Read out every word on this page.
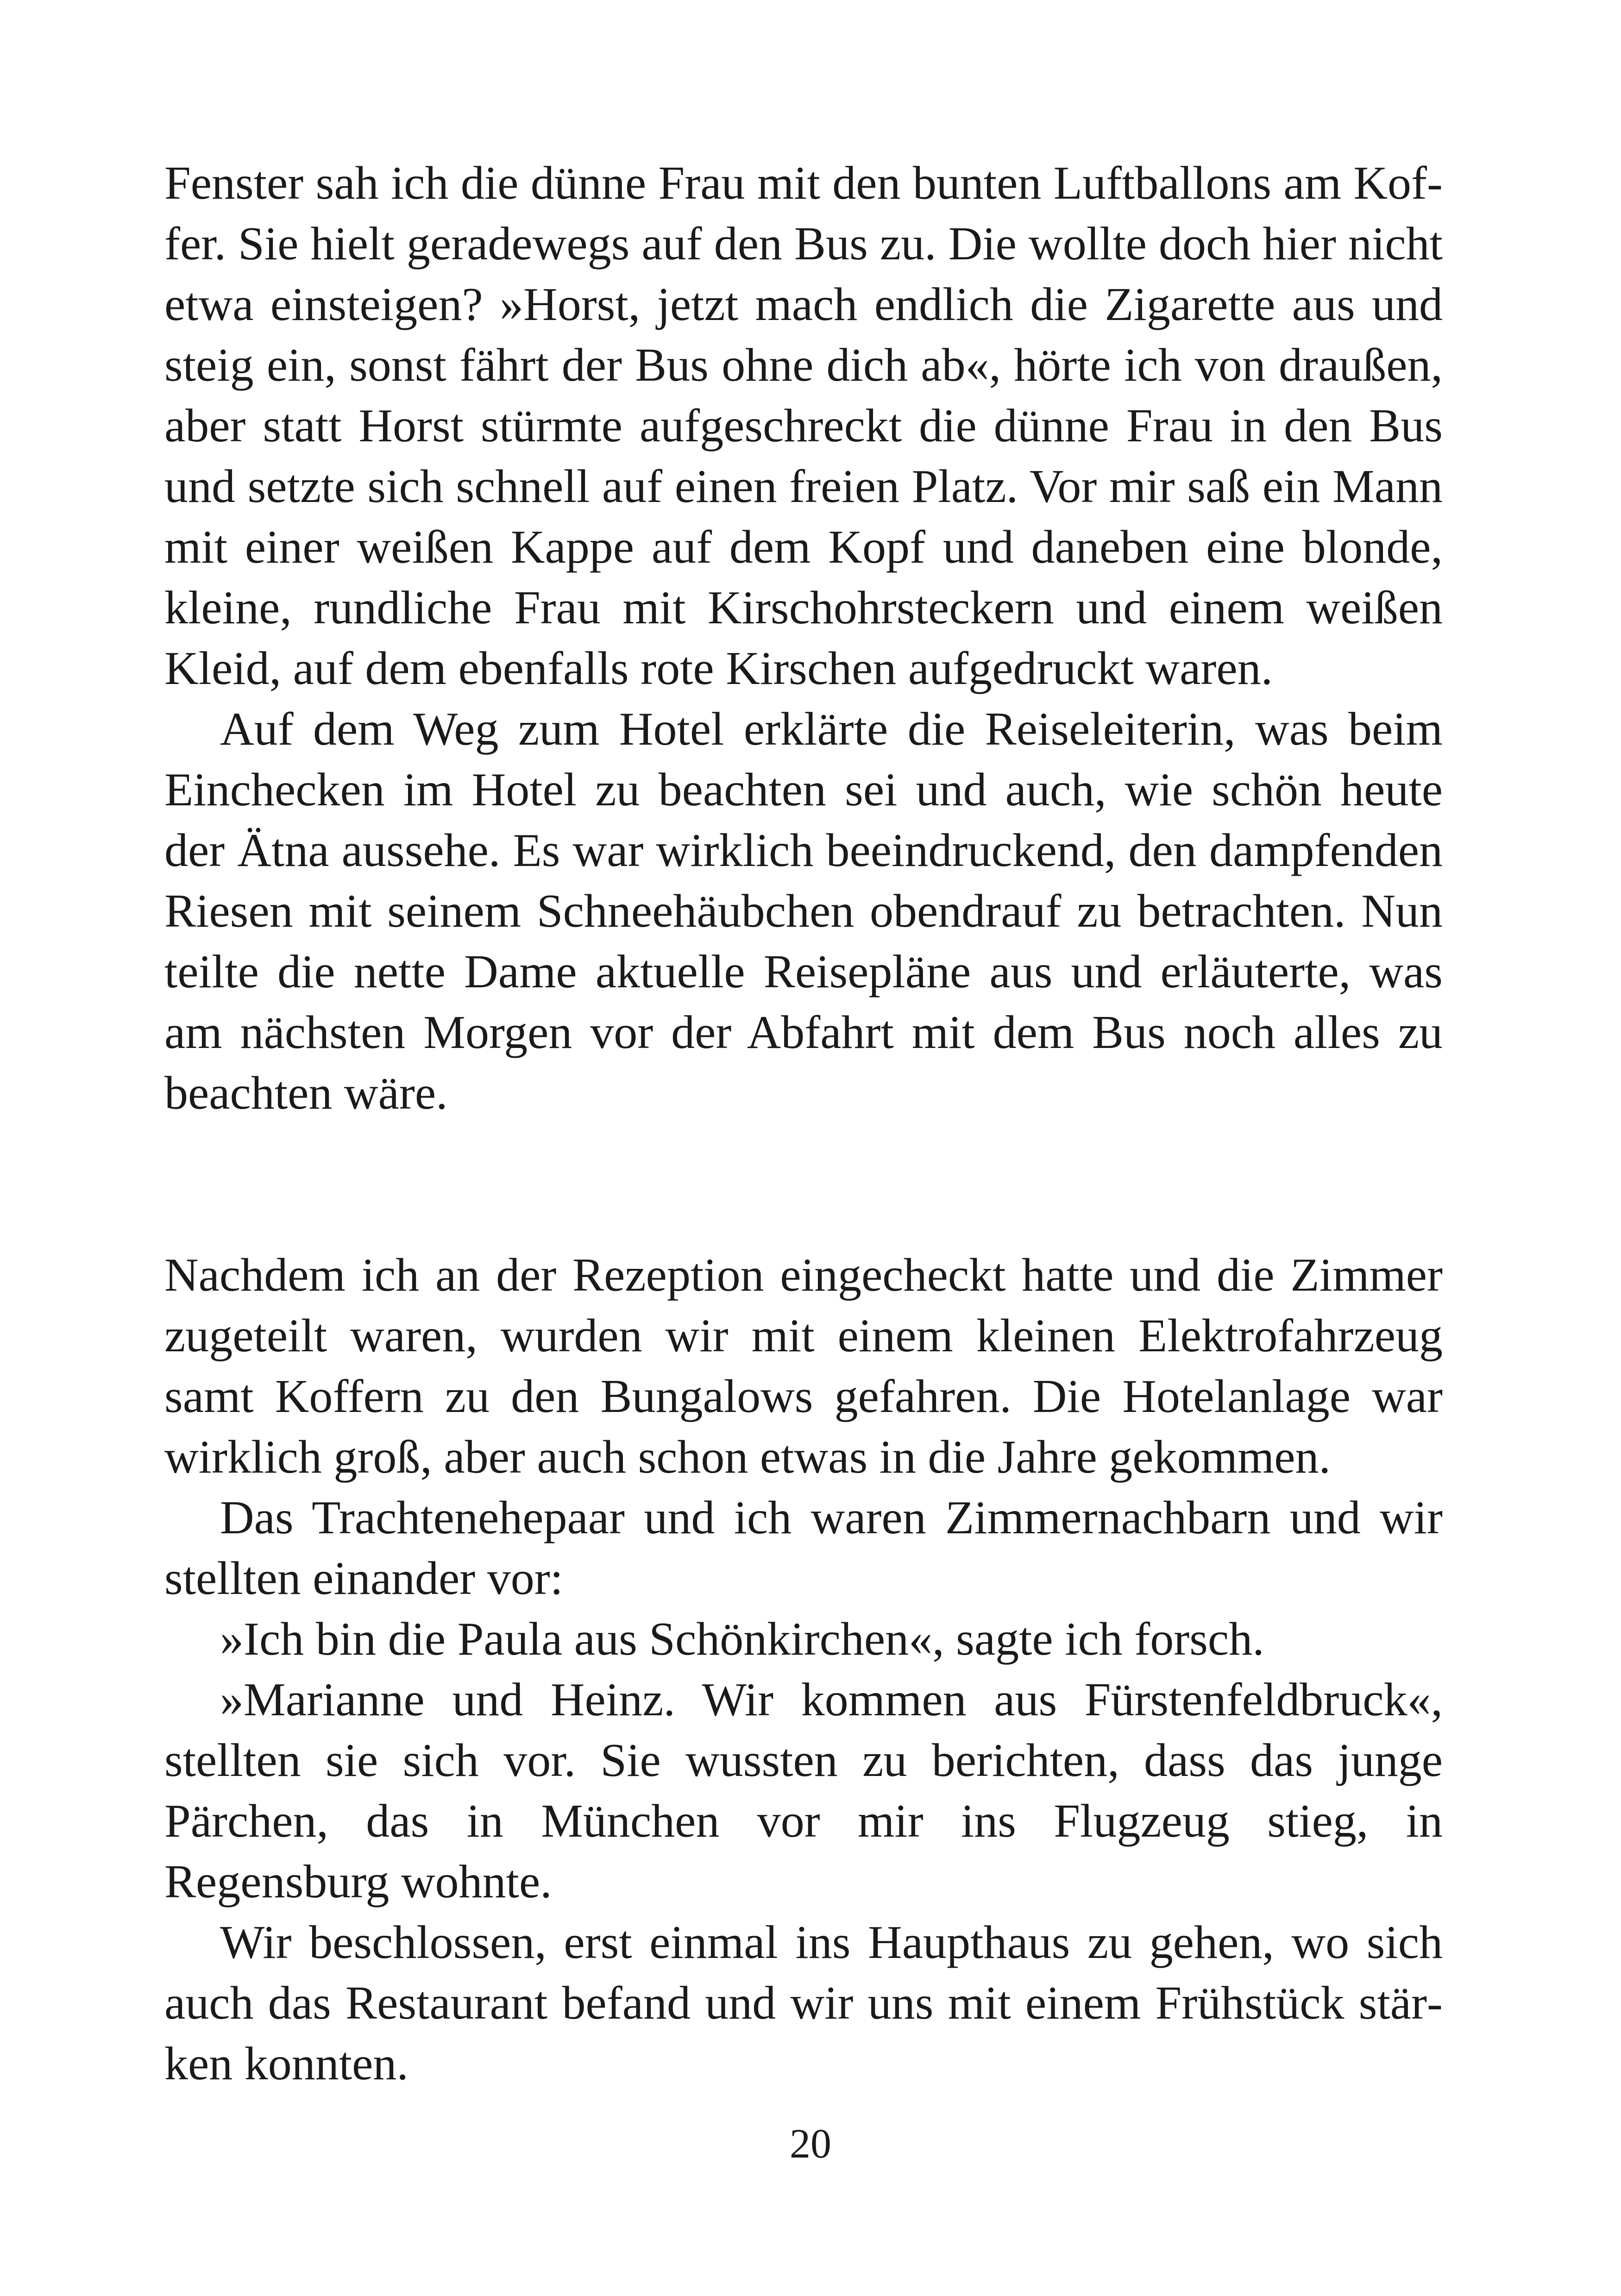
Fenster sah ich die dünne Frau mit den bunten Luftballons am Koffer. Sie hielt geradewegs auf den Bus zu. Die wollte doch hier nicht etwa einsteigen? »Horst, jetzt mach endlich die Zigarette aus und steig ein, sonst fährt der Bus ohne dich ab«, hörte ich von draußen, aber statt Horst stürmte aufgeschreckt die dünne Frau in den Bus und setzte sich schnell auf einen freien Platz. Vor mir saß ein Mann mit einer weißen Kappe auf dem Kopf und daneben eine blonde, kleine, rundliche Frau mit Kirschohrsteckern und einem weißen Kleid, auf dem ebenfalls rote Kirschen aufgedruckt waren.

Auf dem Weg zum Hotel erklärte die Reiseleiterin, was beim Einchecken im Hotel zu beachten sei und auch, wie schön heute der Ätna aussehe. Es war wirklich beeindruckend, den dampfenden Riesen mit seinem Schneehäubchen obendrauf zu betrachten. Nun teilte die nette Dame aktuelle Reisepläne aus und erläuterte, was am nächsten Morgen vor der Abfahrt mit dem Bus noch alles zu beachten wäre.

Nachdem ich an der Rezeption eingecheckt hatte und die Zimmer zugeteilt waren, wurden wir mit einem kleinen Elektrofahrzeug samt Koffern zu den Bungalows gefahren. Die Hotelanlage war wirklich groß, aber auch schon etwas in die Jahre gekommen.

Das Trachtenehepaar und ich waren Zimmernachbarn und wir stellten einander vor:

»Ich bin die Paula aus Schönkirchen«, sagte ich forsch.

»Marianne und Heinz. Wir kommen aus Fürstenfeldbruck«, stellten sie sich vor. Sie wussten zu berichten, dass das junge Pärchen, das in München vor mir ins Flugzeug stieg, in Regensburg wohnte.

Wir beschlossen, erst einmal ins Haupthaus zu gehen, wo sich auch das Restaurant befand und wir uns mit einem Frühstück stärken konnten.

20
